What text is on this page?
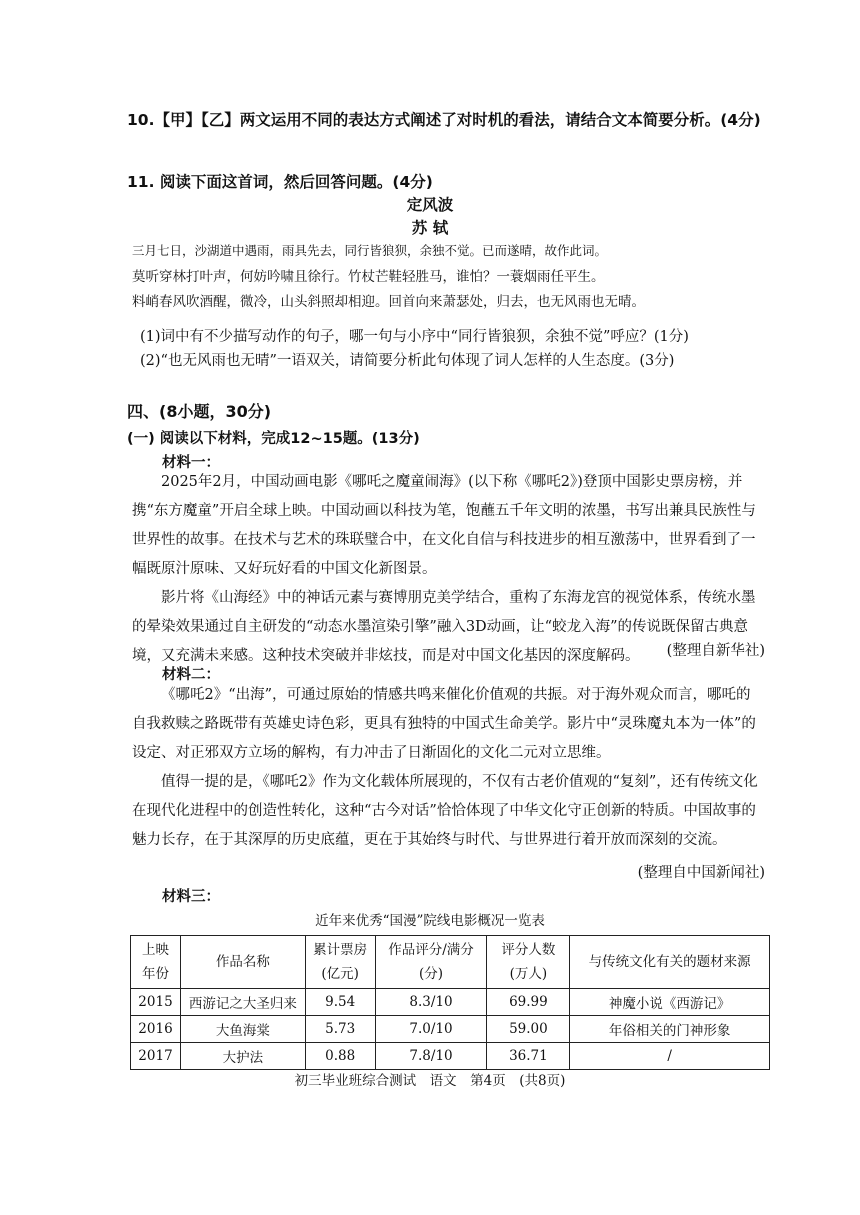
10.【甲】【乙】两文运用不同的表达方式阐述了对时机的看法，请结合文本简要分析。(4分)
11. 阅读下面这首词，然后回答问题。(4分)
定风波
苏 轼
三月七日，沙湖道中遇雨，雨具先去，同行皆狼狈，余独不觉。已而遂晴，故作此词。
莫听穿林打叶声，何妨吟啸且徐行。竹杖芒鞋轻胜马，谁怕？一蓑烟雨任平生。
料峭春风吹酒醒，微冷，山头斜照却相迎。回首向来萧瑟处，归去，也无风雨也无晴。
(1)词中有不少描写动作的句子，哪一句与小序中“同行皆狼狈，余独不觉”呼应？(1分)
(2)“也无风雨也无晴”一语双关，请简要分析此句体现了词人怎样的人生态度。(3分)
四、(8小题，30分)
(一) 阅读以下材料，完成12~15题。(13分)
材料一：

2025年2月，中国动画电影《哪吒之魔童闹海》(以下称《哪吒2》)登顶中国影史票房榜，并携“东方魔童”开启全球上映。中国动画以科技为笔，饱蘸五千年文明的浓墨，书写出兼具民族性与世界性的故事。在技术与艺术的珠联璧合中，在文化自信与科技进步的相互激荡中，世界看到了一幅既原汁原味、又好玩好看的中国文化新图景。

影片将《山海经》中的神话元素与赛博朋克美学结合，重构了东海龙宫的视觉体系，传统水墨的晕染效果通过自主研发的“动态水墨渲染引擎”融入3D动画，让“蛟龙入海”的传说既保留古典意境，又充满未来感。这种技术突破并非炫技，而是对中国文化基因的深度解码。	(整理自新华社)
材料二：

《哪吒2》“出海”，可通过原始的情感共鸣来催化价值观的共振。对于海外观众而言，哪吒的自我救赎之路既带有英雄史诗色彩，更具有独特的中国式生命美学。影片中“灵珠魔丸本为一体”的设定、对正邪双方立场的解构，有力冲击了日渐固化的文化二元对立思维。

值得一提的是，《哪吒2》作为文化载体所展现的，不仅有古老价值观的“复刻”，还有传统文化在现代化进程中的创造性转化，这种“古今对话”恰恰体现了中华文化守正创新的特质。中国故事的魅力长存，在于其深厚的历史底蕴，更在于其始终与时代、与世界进行着开放而深刻的交流。

(整理自中国新闻社)
材料三：
近年来优秀“国漫”院线电影概况一览表
上映
年份	作品名称	累计票房
(亿元)	作品评分/满分
(分)	评分人数
(万人)	与传统文化有关的题材来源
2015	西游记之大圣归来	9.54	8.3/10	69.99	神魔小说《西游记》
2016	大鱼海棠	5.73	7.0/10	59.00	年俗相关的门神形象
2017	大护法	0.88	7.8/10	36.71	/
初三毕业班综合测试　语文　第4页　(共8页)
